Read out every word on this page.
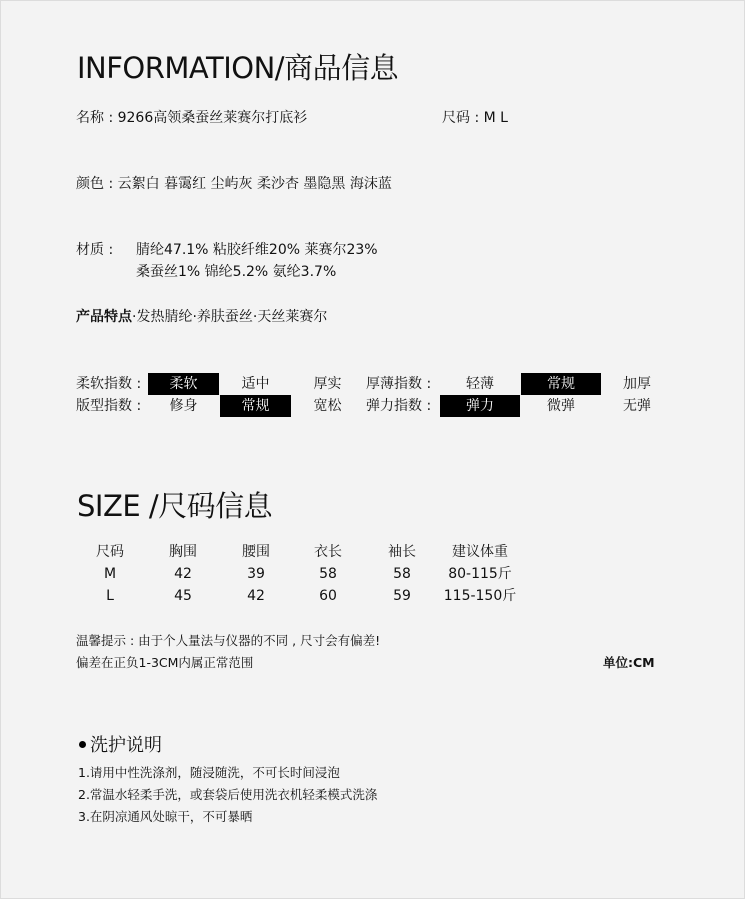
INFORMATION/商品信息
名称 : 9266高领桑蚕丝莱赛尔打底衫	尺码 : M L
颜色 : 云絮白 暮霭红 尘屿灰 柔沙杏 墨隐黑 海沫蓝
材质 : 腈纶47.1% 粘胶纤维20% 莱赛尔23%
桑蚕丝1% 锦纶5.2% 氨纶3.7%
产品特点·发热腈纶·养肤蚕丝·天丝莱赛尔
柔软指数 :	柔软	适中	厚实	厚薄指数 :	轻薄	常规	加厚
版型指数 :	修身	常规	宽松	弹力指数 :	弹力	微弹	无弹
SIZE /尺码信息
尺码	胸围	腰围	衣长	袖长	建议体重
M	42	39	58	58	80-115斤
L	45	42	60	59	115-150斤
温馨提示 : 由于个人量法与仪器的不同 , 尺寸会有偏差!
偏差在正负1-3CM内属正常范围	单位:CM
洗护说明
1.请用中性洗涤剂，随浸随洗，不可长时间浸泡
2.常温水轻柔手洗，或套袋后使用洗衣机轻柔模式洗涤
3.在阴凉通风处晾干，不可暴晒
